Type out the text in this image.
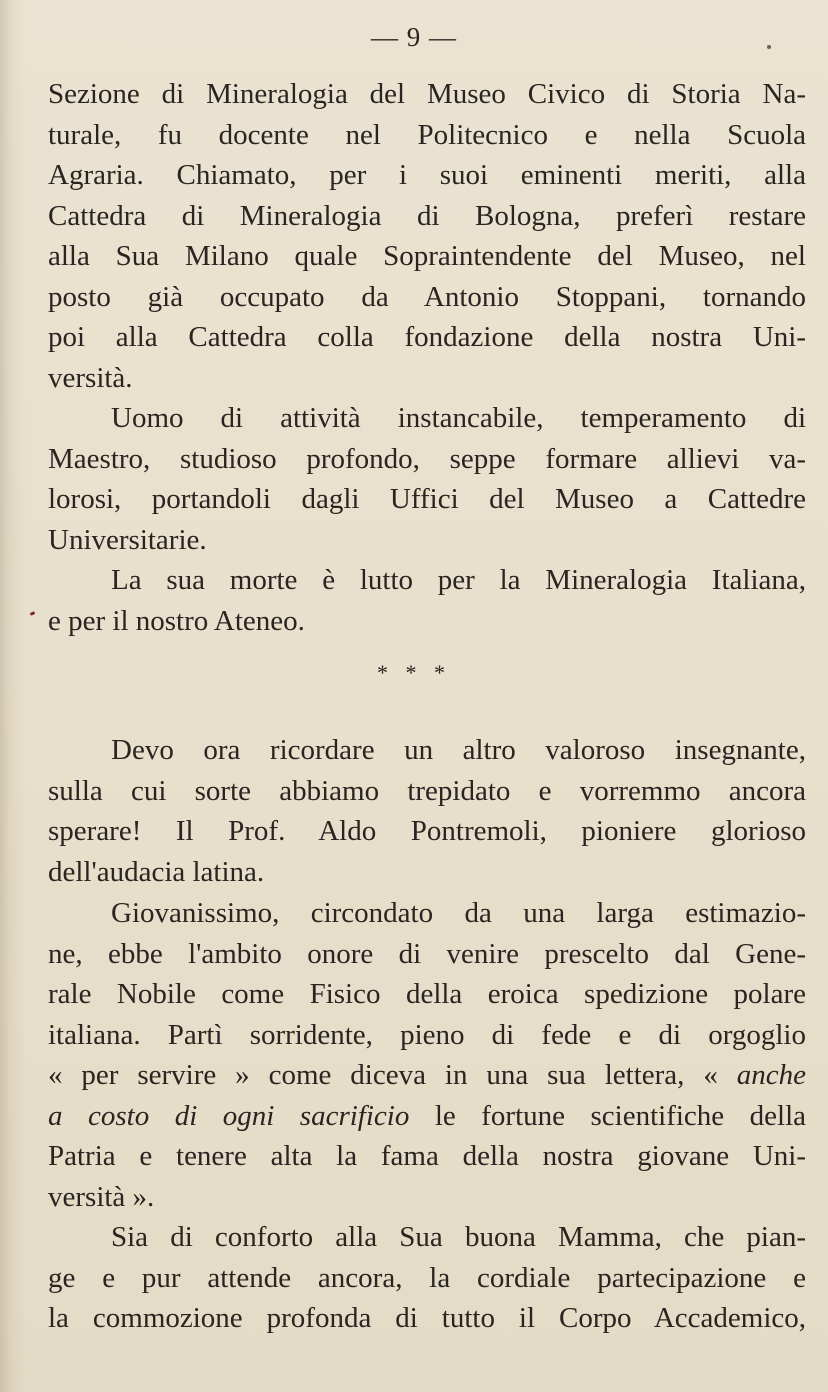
— 9 —
Sezione di Mineralogia del Museo Civico di Storia Na-
turale, fu docente nel Politecnico e nella Scuola
Agraria. Chiamato, per i suoi eminenti meriti, alla
Cattedra di Mineralogia di Bologna, preferì restare
alla Sua Milano quale Sopraintendente del Museo, nel
posto già occupato da Antonio Stoppani, tornando
poi alla Cattedra colla fondazione della nostra Uni-
versità.
Uomo di attività instancabile, temperamento di
Maestro, studioso profondo, seppe formare allievi va-
lorosi, portandoli dagli Uffici del Museo a Cattedre
Universitarie.
La sua morte è lutto per la Mineralogia Italiana,
e per il nostro Ateneo.
* * *
Devo ora ricordare un altro valoroso insegnante,
sulla cui sorte abbiamo trepidato e vorremmo ancora
sperare! Il Prof. Aldo Pontremoli, pioniere glorioso
dell'audacia latina.
Giovanissimo, circondato da una larga estimazio-
ne, ebbe l'ambito onore di venire prescelto dal Gene-
rale Nobile come Fisico della eroica spedizione polare
italiana. Partì sorridente, pieno di fede e di orgoglio
« per servire » come diceva in una sua lettera, « anche
a costo di ogni sacrificio le fortune scientifiche della
Patria e tenere alta la fama della nostra giovane Uni-
versità ».
Sia di conforto alla Sua buona Mamma, che pian-
ge e pur attende ancora, la cordiale partecipazione e
la commozione profonda di tutto il Corpo Accademico,
